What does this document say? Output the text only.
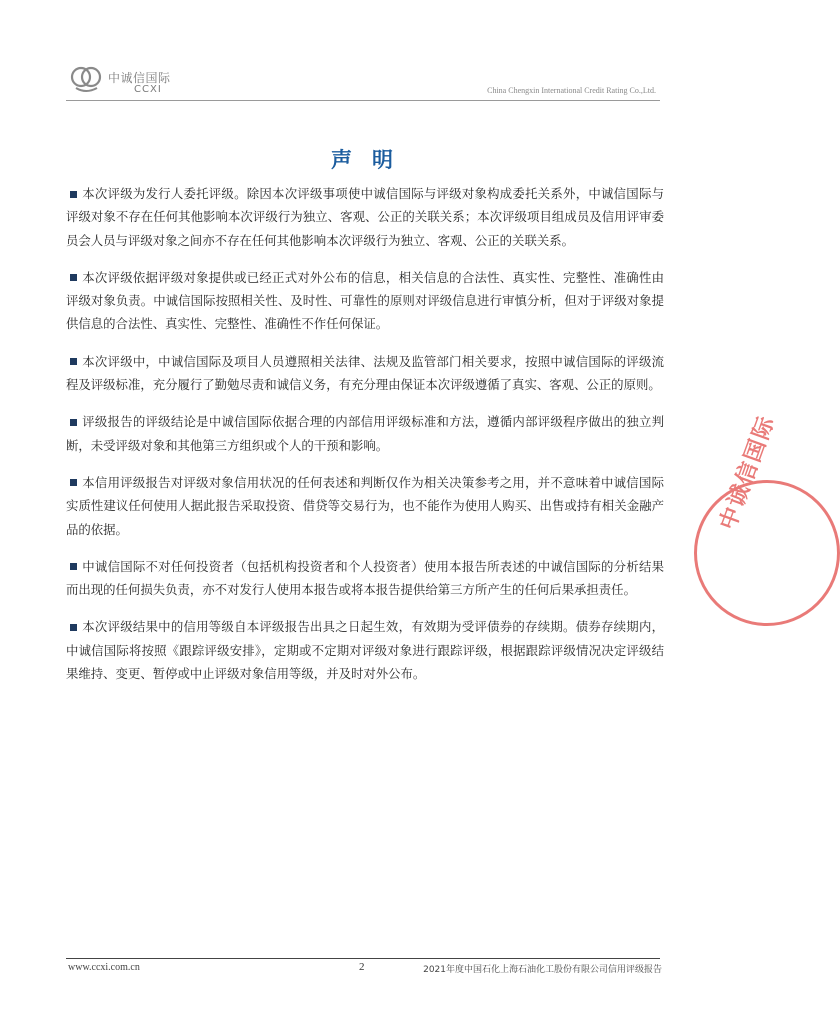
中诚信国际
CCXI	China Chengxin International Credit Rating Co.,Ltd.
声明

本次评级为发行人委托评级。除因本次评级事项使中诚信国际与评级对象构成委托关系外，中诚信国际与评级对象不存在任何其他影响本次评级行为独立、客观、公正的关联关系；本次评级项目组成员及信用评审委员会人员与评级对象之间亦不存在任何其他影响本次评级行为独立、客观、公正的关联关系。

本次评级依据评级对象提供或已经正式对外公布的信息，相关信息的合法性、真实性、完整性、准确性由评级对象负责。中诚信国际按照相关性、及时性、可靠性的原则对评级信息进行审慎分析，但对于评级对象提供信息的合法性、真实性、完整性、准确性不作任何保证。

本次评级中，中诚信国际及项目人员遵照相关法律、法规及监管部门相关要求，按照中诚信国际的评级流程及评级标准，充分履行了勤勉尽责和诚信义务，有充分理由保证本次评级遵循了真实、客观、公正的原则。

评级报告的评级结论是中诚信国际依据合理的内部信用评级标准和方法，遵循内部评级程序做出的独立判断，未受评级对象和其他第三方组织或个人的干预和影响。

本信用评级报告对评级对象信用状况的任何表述和判断仅作为相关决策参考之用，并不意味着中诚信国际实质性建议任何使用人据此报告采取投资、借贷等交易行为，也不能作为使用人购买、出售或持有相关金融产品的依据。

中诚信国际不对任何投资者（包括机构投资者和个人投资者）使用本报告所表述的中诚信国际的分析结果而出现的任何损失负责，亦不对发行人使用本报告或将本报告提供给第三方所产生的任何后果承担责任。

本次评级结果中的信用等级自本评级报告出具之日起生效，有效期为受评债券的存续期。债券存续期内，中诚信国际将按照《跟踪评级安排》，定期或不定期对评级对象进行跟踪评级，根据跟踪评级情况决定评级结果维持、变更、暂停或中止评级对象信用等级，并及时对外公布。

中诚信国际
www.ccxi.com.cn	2	2021年度中国石化上海石油化工股份有限公司信用评级报告
